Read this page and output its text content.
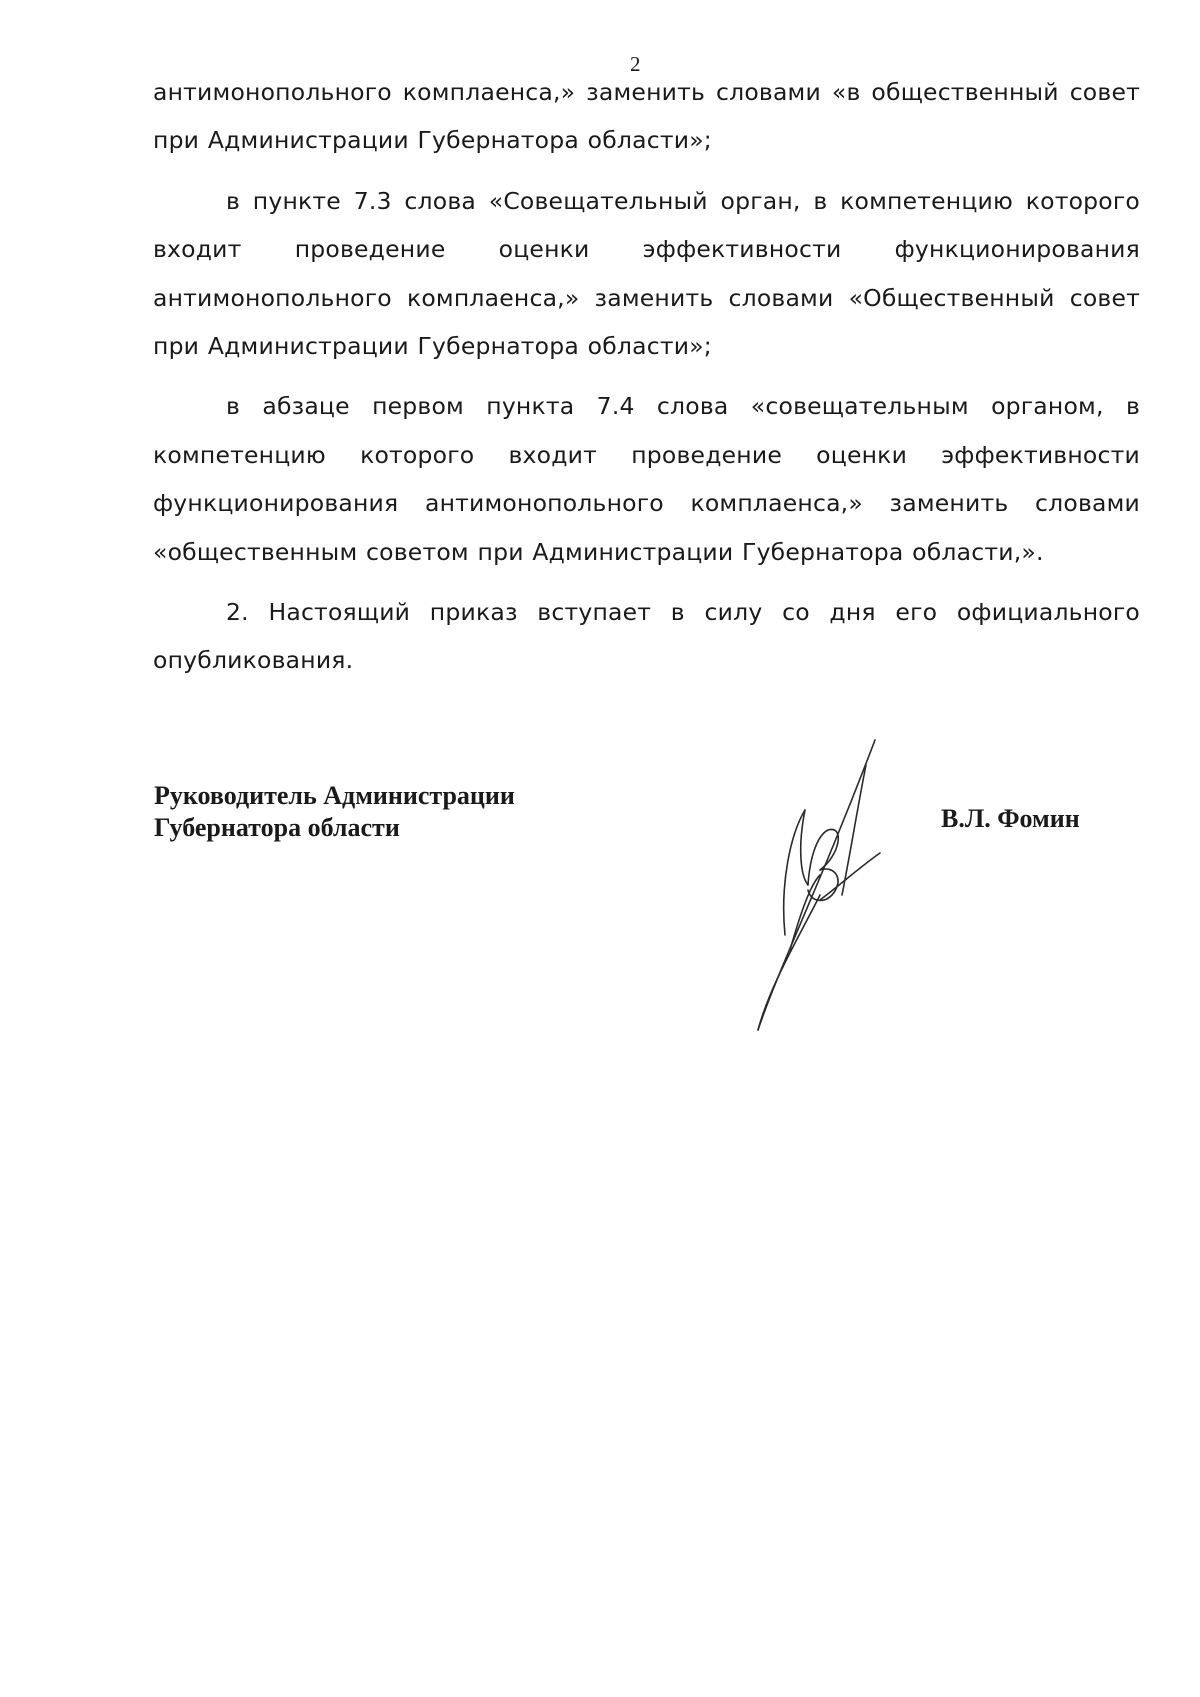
2

антимонопольного комплаенса,» заменить словами «в общественный совет при Администрации Губернатора области»;

в пункте 7.3 слова «Совещательный орган, в компетенцию которого входит проведение оценки эффективности функционирования антимонопольного комплаенса,» заменить словами «Общественный совет при Администрации Губернатора области»;

в абзаце первом пункта 7.4 слова «совещательным органом, в компетенцию которого входит проведение оценки эффективности функционирования антимонопольного комплаенса,» заменить словами «общественным советом при Администрации Губернатора области,».

2. Настоящий приказ вступает в силу со дня его официального опубликования.

Руководитель Администрации
Губернатора области	В.Л. Фомин
